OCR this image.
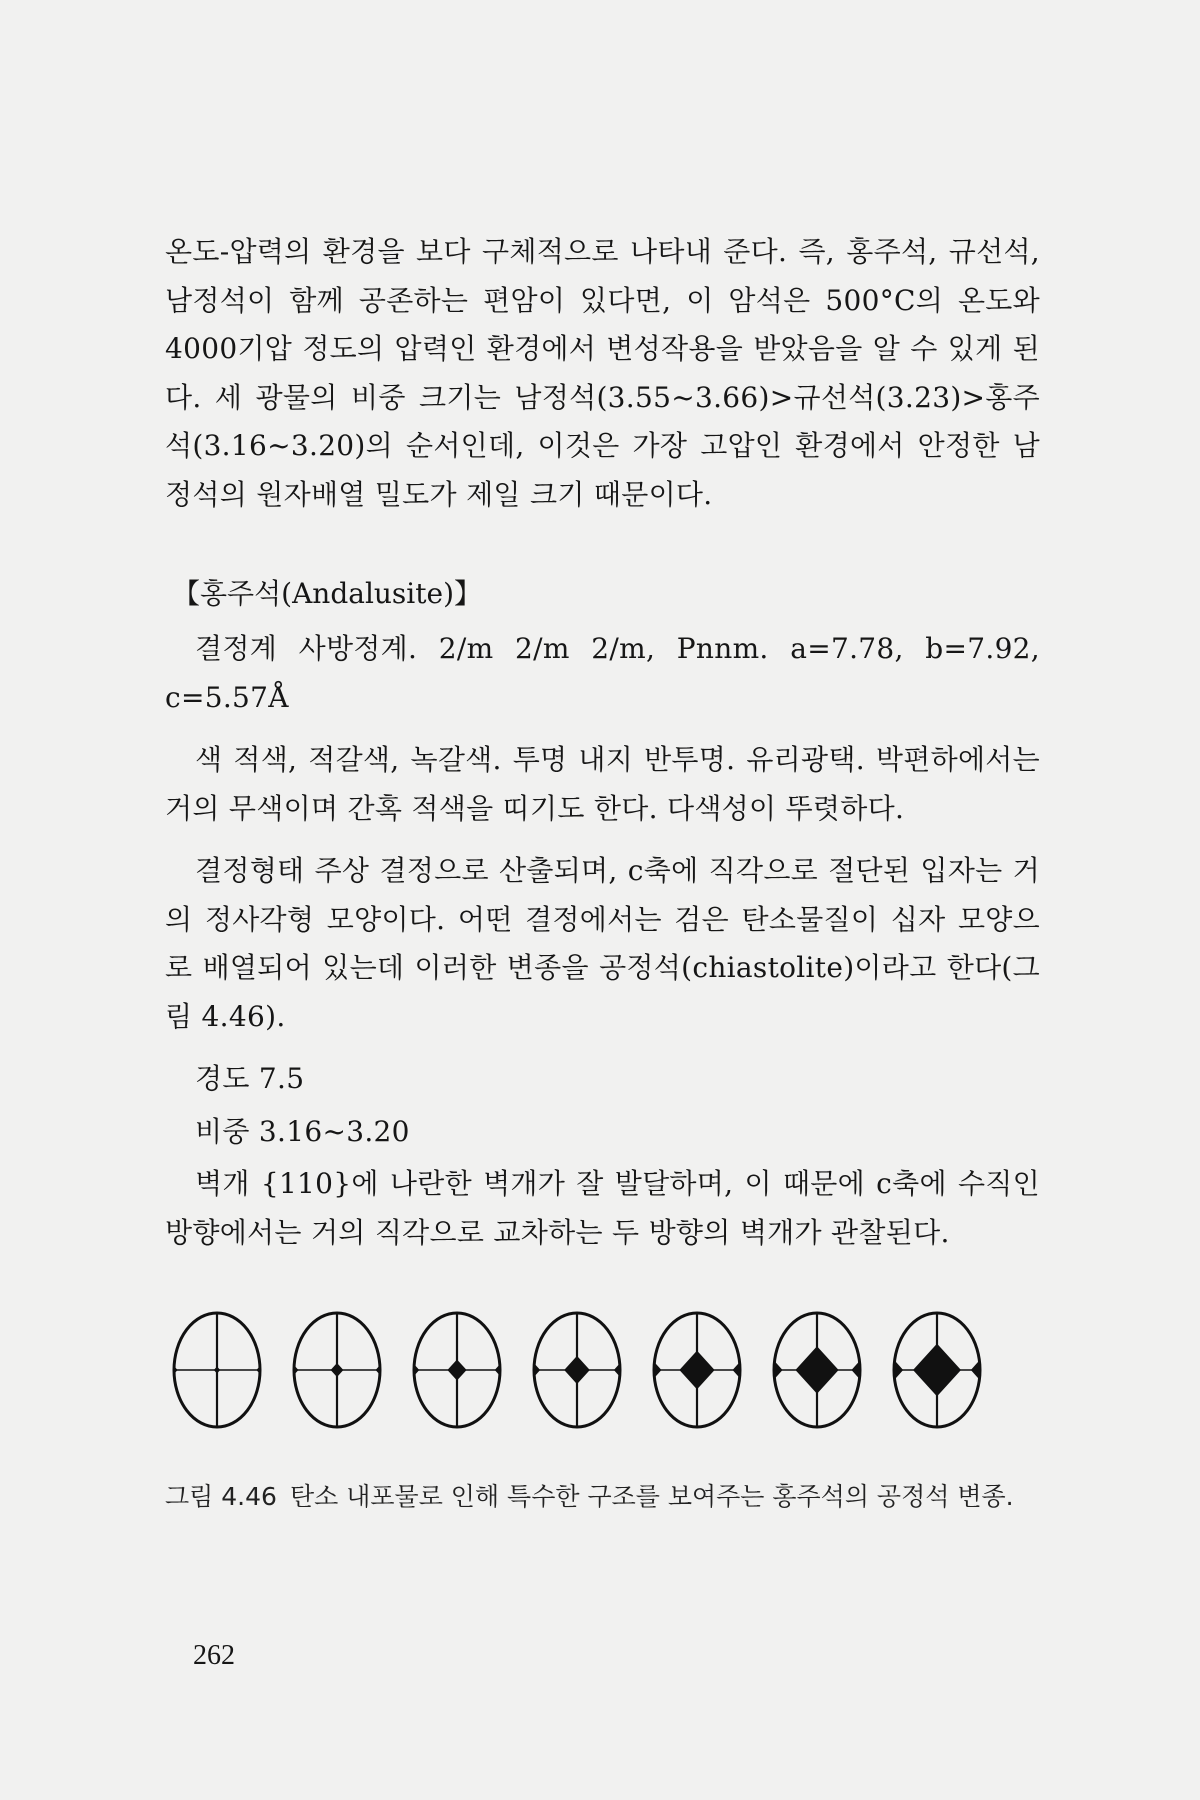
온도-압력의 환경을 보다 구체적으로 나타내 준다. 즉, 홍주석, 규선석, 남정석이 함께 공존하는 편암이 있다면, 이 암석은 500°C의 온도와 4000기압 정도의 압력인 환경에서 변성작용을 받았음을 알 수 있게 된다. 세 광물의 비중 크기는 남정석(3.55~3.66)>규선석(3.23)>홍주석(3.16~3.20)의 순서인데, 이것은 가장 고압인 환경에서 안정한 남정석의 원자배열 밀도가 제일 크기 때문이다.

【홍주석(Andalusite)】

결정계 사방정계. 2/m 2/m 2/m, Pnnm. a=7.78, b=7.92, c=5.57Å

색 적색, 적갈색, 녹갈색. 투명 내지 반투명. 유리광택. 박편하에서는 거의 무색이며 간혹 적색을 띠기도 한다. 다색성이 뚜렷하다.

결정형태 주상 결정으로 산출되며, c축에 직각으로 절단된 입자는 거의 정사각형 모양이다. 어떤 결정에서는 검은 탄소물질이 십자 모양으로 배열되어 있는데 이러한 변종을 공정석(chiastolite)이라고 한다(그림 4.46).

경도 7.5

비중 3.16~3.20

벽개 {110}에 나란한 벽개가 잘 발달하며, 이 때문에 c축에 수직인 방향에서는 거의 직각으로 교차하는 두 방향의 벽개가 관찰된다.

그림 4.46 탄소 내포물로 인해 특수한 구조를 보여주는 홍주석의 공정석 변종.
262
